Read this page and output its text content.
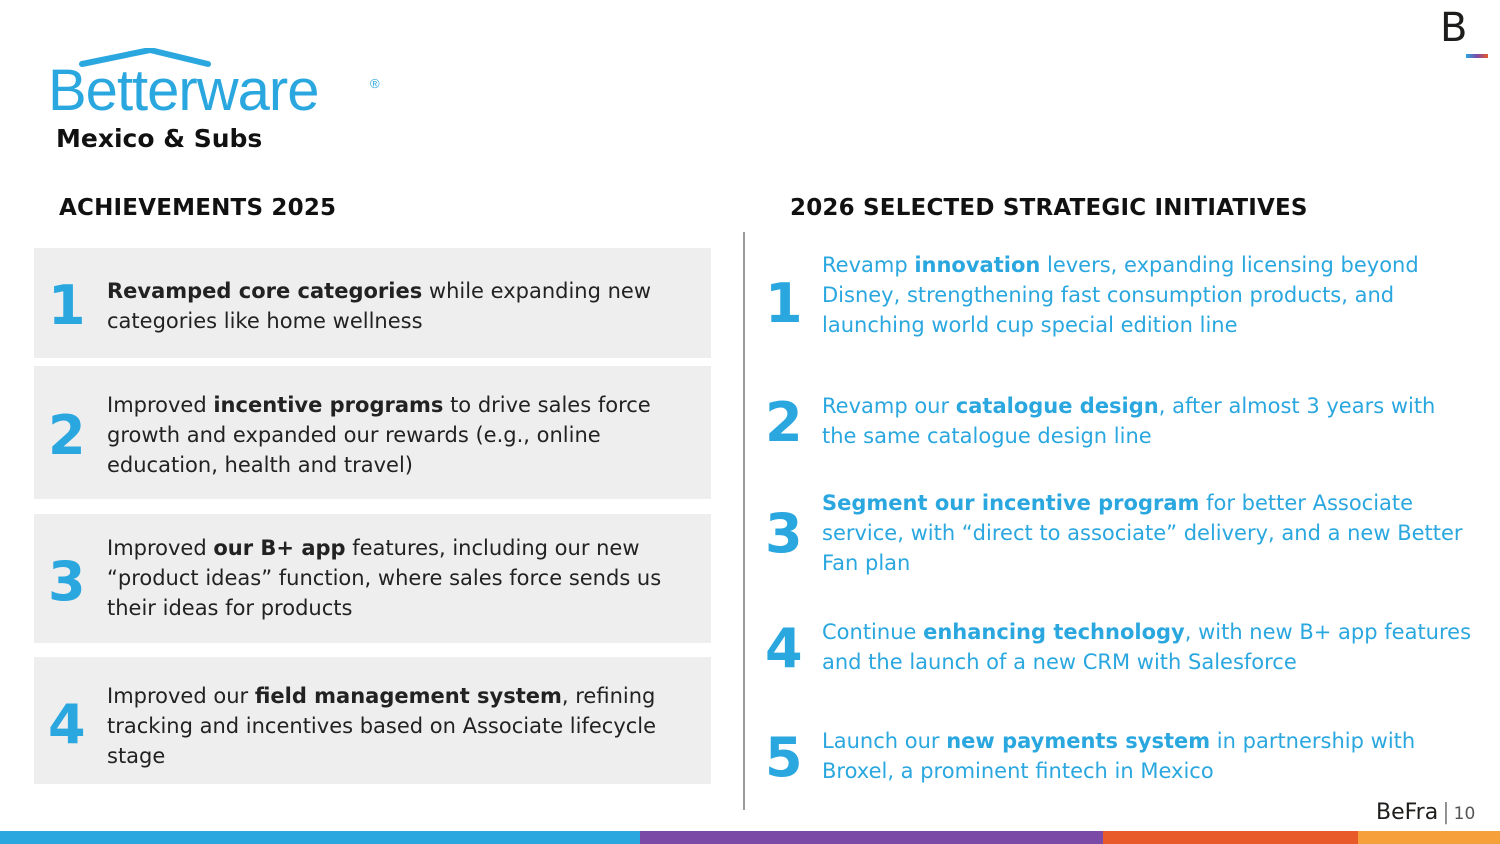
B
Betterware	®
Mexico & Subs
ACHIEVEMENTS 2025	2026 SELECTED STRATEGIC INITIATIVES
1 Revamped core categories while expanding new categories like home wellness
2 Improved incentive programs to drive sales force growth and expanded our rewards (e.g., online education, health and travel)
3
Improved our B+ app features, including our new “product ideas” function, where sales force sends us their ideas for products
4 Improved our field management system, refining tracking and incentives based on Associate lifecycle stage
1
Revamp innovation levers, expanding licensing beyond Disney, strengthening fast consumption products, and launching world cup special edition line
2 Revamp our catalogue design, after almost 3 years with the same catalogue design line
3 Segment our incentive program for better Associate service, with “direct to associate” delivery, and a new Better Fan plan
4 Continue enhancing technology, with new B+ app features and the launch of a new CRM with Salesforce
5 Launch our new payments system in partnership with Broxel, a prominent fintech in Mexico
BeFra | 10
